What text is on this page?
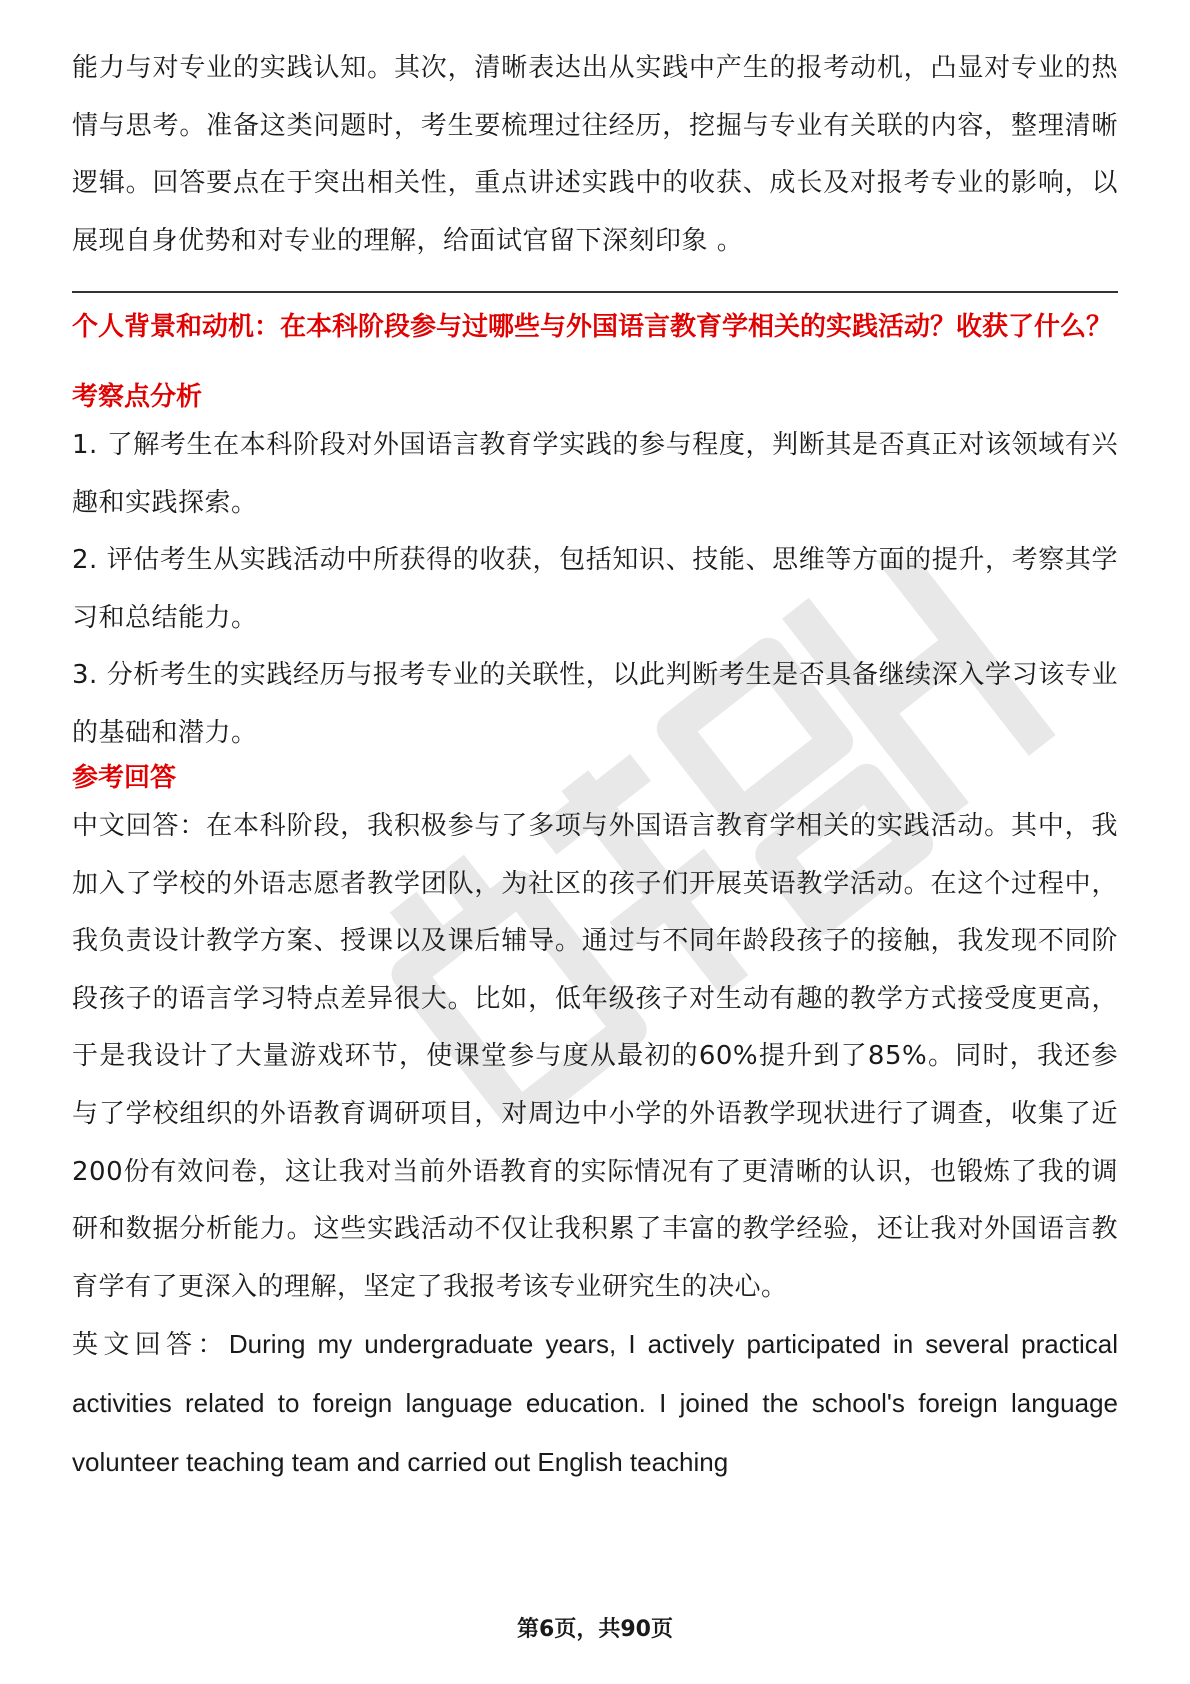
能力与对专业的实践认知。其次，清晰表达出从实践中产生的报考动机，凸显对专业的热情与思考。准备这类问题时，考生要梳理过往经历，挖掘与专业有关联的内容，整理清晰逻辑。回答要点在于突出相关性，重点讲述实践中的收获、成长及对报考专业的影响，以展现自身优势和对专业的理解，给面试官留下深刻印象 。

个人背景和动机：在本科阶段参与过哪些与外国语言教育学相关的实践活动？收获了什么？
考察点分析

1. 了解考生在本科阶段对外国语言教育学实践的参与程度，判断其是否真正对该领域有兴趣和实践探索。

2. 评估考生从实践活动中所获得的收获，包括知识、技能、思维等方面的提升，考察其学习和总结能力。

3. 分析考生的实践经历与报考专业的关联性，以此判断考生是否具备继续深入学习该专业的基础和潜力。

参考回答

中文回答：在本科阶段，我积极参与了多项与外国语言教育学相关的实践活动。其中，我加入了学校的外语志愿者教学团队，为社区的孩子们开展英语教学活动。在这个过程中，我负责设计教学方案、授课以及课后辅导。通过与不同年龄段孩子的接触，我发现不同阶段孩子的语言学习特点差异很大。比如，低年级孩子对生动有趣的教学方式接受度更高，于是我设计了大量游戏环节，使课堂参与度从最初的60%提升到了85%。同时，我还参与了学校组织的外语教育调研项目，对周边中小学的外语教学现状进行了调查，收集了近200份有效问卷，这让我对当前外语教育的实际情况有了更清晰的认识，也锻炼了我的调研和数据分析能力。这些实践活动不仅让我积累了丰富的教学经验，还让我对外国语言教育学有了更深入的理解，坚定了我报考该专业研究生的决心。

英文回答：During my undergraduate years, I actively participated in several practical activities related to foreign language education. I joined the school's foreign language volunteer teaching team and carried out English teaching

第6页，共90页
